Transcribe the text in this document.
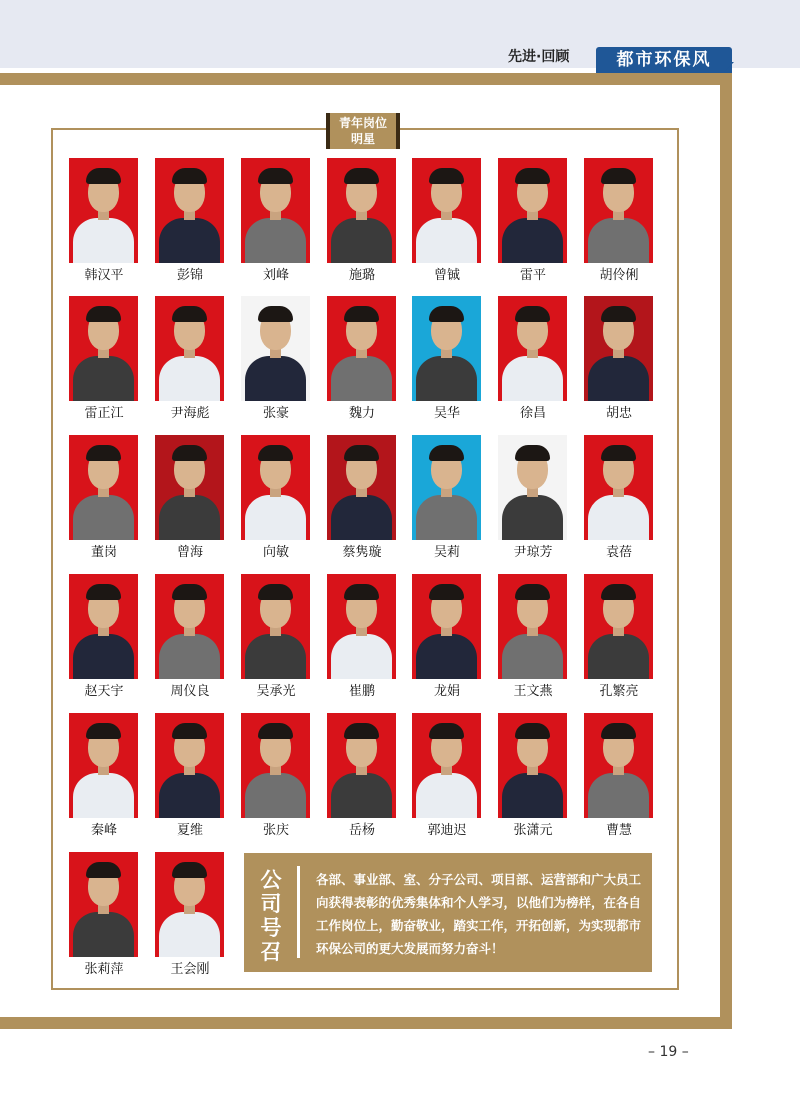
先进·回顾	都市环保风
青年岗位
明星
韩汉平	彭锦	刘峰	施璐	曾铖	雷平	胡伶俐
雷正江	尹海彪	张豪	魏力	吴华	徐昌	胡忠
董岗	曾海	向敏	蔡隽璇	吴莉	尹琼芳	袁蓓
赵天宇	周仪良	吴承光	崔鹏	龙娟	王文燕	孔繁亮
秦峰	夏维	张庆	岳杨	郭迪迟	张潇元	曹慧
张莉萍	王会刚
公
司
号
召
各部、事业部、室、分子公司、项目部、运营部和广大员工向获得表彰的优秀集体和个人学习，以他们为榜样，在各自工作岗位上，勤奋敬业，踏实工作，开拓创新，为实现都市环保公司的更大发展而努力奋斗！
– 19 –
